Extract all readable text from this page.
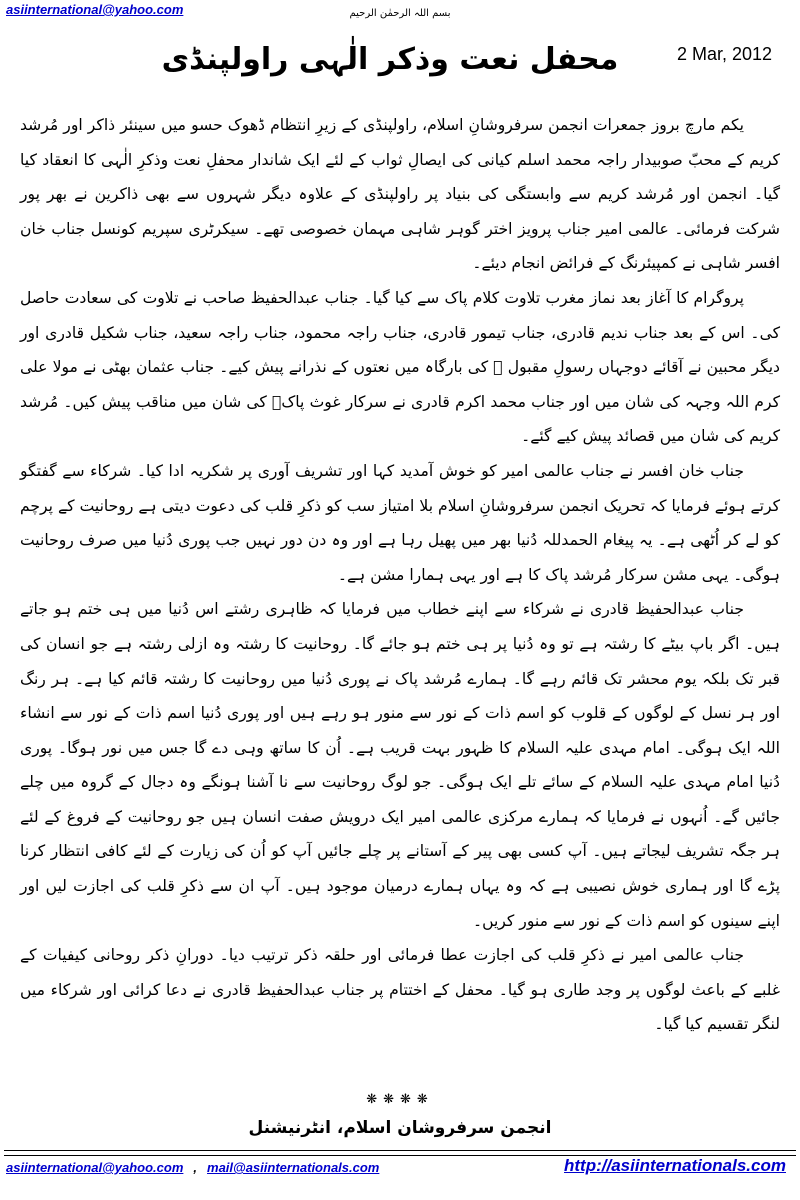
asiinternational@yahoo.com	بسم اللہ الرحمٰن الرحیم
2 Mar, 2012
محفل نعت وذکر الٰہی راولپنڈی

یکم مارچ بروز جمعرات انجمن سرفروشانِ اسلام، راولپنڈی کے زیرِ انتظام ڈھوک حسو میں سینئر ذاکر اور مُرشد کریم کے محبّ صوبیدار راجہ محمد اسلم کیانی کی ایصالِ ثواب کے لئے ایک شاندار محفلِ نعت وذکرِ الٰہی کا انعقاد کیا گیا۔ انجمن اور مُرشد کریم سے وابستگی کی بنیاد پر راولپنڈی کے علاوہ دیگر شہروں سے بھی ذاکرین نے بھر پور شرکت فرمائی۔ عالمی امیر جناب پرویز اختر گوہر شاہی مہمان خصوصی تھے۔ سیکرٹری سپریم کونسل جناب خان افسر شاہی نے کمپیئرنگ کے فرائض انجام دیئے۔

پروگرام کا آغاز بعد نماز مغرب تلاوت کلام پاک سے کیا گیا۔ جناب عبدالحفیظ صاحب نے تلاوت کی سعادت حاصل کی۔ اس کے بعد جناب ندیم قادری، جناب تیمور قادری، جناب راجہ محمود، جناب راجہ سعید، جناب شکیل قادری اور دیگر محبین نے آقائے دوجہاں رسولِ مقبول ﷺ کی بارگاہ میں نعتوں کے نذرانے پیش کیے۔ جناب عثمان بھٹی نے مولا علی کرم اللہ وجہہ کی شان میں اور جناب محمد اکرم قادری نے سرکار غوث پاکؓ کی شان میں مناقب پیش کیں۔ مُرشد کریم کی شان میں قصائد پیش کیے گئے۔

جناب خان افسر نے جناب عالمی امیر کو خوش آمدید کہا اور تشریف آوری پر شکریہ ادا کیا۔ شرکاء سے گفتگو کرتے ہوئے فرمایا کہ تحریک انجمن سرفروشانِ اسلام بلا امتیاز سب کو ذکرِ قلب کی دعوت دیتی ہے روحانیت کے پرچم کو لے کر اُٹھی ہے۔ یہ پیغام الحمدللہ دُنیا بھر میں پھیل رہا ہے اور وہ دن دور نہیں جب پوری دُنیا میں صرف روحانیت ہوگی۔ یہی مشن سرکار مُرشد پاک کا ہے اور یہی ہمارا مشن ہے۔

جناب عبدالحفیظ قادری نے شرکاء سے اپنے خطاب میں فرمایا کہ ظاہری رشتے اس دُنیا میں ہی ختم ہو جاتے ہیں۔ اگر باپ بیٹے کا رشتہ ہے تو وہ دُنیا پر ہی ختم ہو جائے گا۔ روحانیت کا رشتہ وہ ازلی رشتہ ہے جو انسان کی قبر تک بلکہ یوم محشر تک قائم رہے گا۔ ہمارے مُرشد پاک نے پوری دُنیا میں روحانیت کا رشتہ قائم کیا ہے۔ ہر رنگ اور ہر نسل کے لوگوں کے قلوب کو اسم ذات کے نور سے منور ہو رہے ہیں اور پوری دُنیا اسم ذات کے نور سے انشاء اللہ ایک ہوگی۔ امام مہدی علیہ السلام کا ظہور بہت قریب ہے۔ اُن کا ساتھ وہی دے گا جس میں نور ہوگا۔ پوری دُنیا امام مہدی علیہ السلام کے سائے تلے ایک ہوگی۔ جو لوگ روحانیت سے نا آشنا ہونگے وہ دجال کے گروہ میں چلے جائیں گے۔ اُنہوں نے فرمایا کہ ہمارے مرکزی عالمی امیر ایک درویش صفت انسان ہیں جو روحانیت کے فروغ کے لئے ہر جگہ تشریف لیجاتے ہیں۔ آپ کسی بھی پیر کے آستانے پر چلے جائیں آپ کو اُن کی زیارت کے لئے کافی انتظار کرنا پڑے گا اور ہماری خوش نصیبی ہے کہ وہ یہاں ہمارے درمیان موجود ہیں۔ آپ ان سے ذکرِ قلب کی اجازت لیں اور اپنے سینوں کو اسم ذات کے نور سے منور کریں۔

جناب عالمی امیر نے ذکرِ قلب کی اجازت عطا فرمائی اور حلقہ ذکر ترتیب دیا۔ دورانِ ذکر روحانی کیفیات کے غلبے کے باعث لوگوں پر وجد طاری ہو گیا۔ محفل کے اختتام پر جناب عبدالحفیظ قادری نے دعا کرائی اور شرکاء میں لنگر تقسیم کیا گیا۔

❋❋❋❋
انجمن سرفروشان اسلام، انٹرنیشنل
asiinternational@yahoo.com , mail@asiinternationals.com	http://asiinternationals.com
